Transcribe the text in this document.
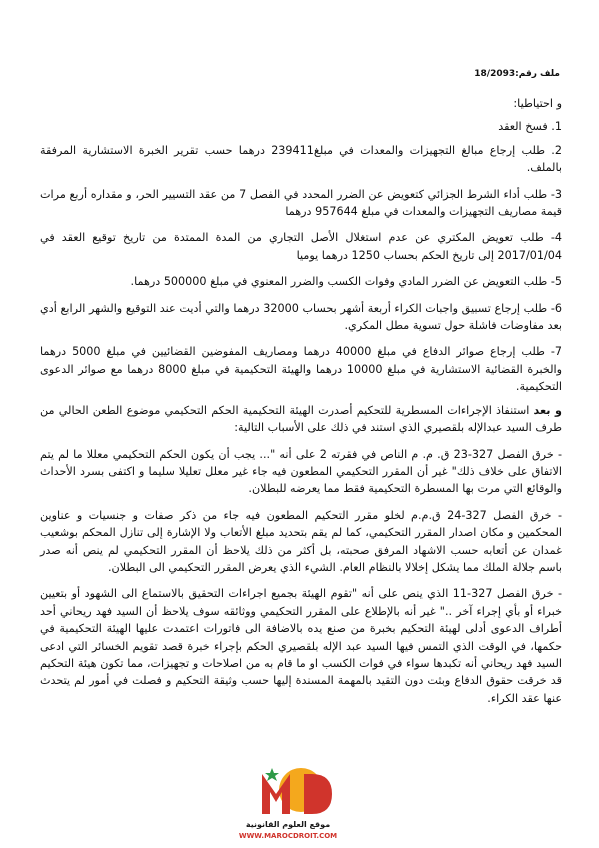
ملف رقم:18/2093

و احتياطيا:

1. فسخ العقد

2. طلب إرجاع مبالغ التجهيزات والمعدات في مبلغ239411 درهما حسب تقرير الخبرة الاستشارية المرفقة بالملف.

3- طلب أداء الشرط الجزائي كتعويض عن الضرر المحدد في الفصل 7 من عقد التسيير الحر، و مقداره أربع مرات قيمة مصاريف التجهيزات والمعدات في مبلغ 957644 درهما

4- طلب تعويض المكتري عن عدم استغلال الأصل التجاري من المدة الممتدة من تاريخ توقيع العقد في 2017/01/04 إلى تاريخ الحكم بحساب 1250 درهما يوميا

5- طلب التعويض عن الضرر المادي وفوات الكسب والضرر المعنوي في مبلغ 500000 درهما.

6- طلب إرجاع تسبيق واجبات الكراء أربعة أشهر بحساب 32000 درهما والتي أديت عند التوقيع والشهر الرابع أدي بعد مفاوضات فاشلة حول تسوية مطل المكري.

7- طلب إرجاع صوائر الدفاع في مبلغ 40000 درهما ومصاريف المفوضين القضائيين في مبلغ 5000 درهما والخبرة القضائية الاستشارية في مبلغ 10000 درهما والهيئة التحكيمية في مبلغ 8000 درهما مع صوائر الدعوى التحكيمية.

و بعد استنفاذ الإجراءات المسطرية للتحكيم أصدرت الهيئة التحكيمية الحكم التحكيمي موضوع الطعن الحالي من طرف السيد عبدالإله بلقصيري الذي استند في ذلك على الأسباب التالية:

- خرق الفصل 327-23 ق. م. م الناص في فقرته 2 على أنه "... يجب أن يكون الحكم التحكيمي معللا ما لم يتم الاتفاق على خلاف ذلك" غير أن المقرر التحكيمي المطعون فيه جاء غير معلل تعليلا سليما و اكتفى بسرد الأحداث والوقائع التي مرت بها المسطرة التحكيمية فقط مما يعرضه للبطلان.

- خرق الفصل 327-24 ق.م.م لخلو مقرر التحكيم المطعون فيه جاء من ذكر صفات و جنسيات و عناوين المحكمين و مكان اصدار المقرر التحكيمي، كما لم يقم بتحديد مبلغ الأتعاب ولا الإشارة إلى تنازل المحكم بوشعيب غمدان عن أتعابه حسب الاشهاد المرفق صحبته، بل أكثر من ذلك يلاحظ أن المقرر التحكيمي لم ينص أنه صدر باسم جلالة الملك مما يشكل إخلالا بالنظام العام. الشيء الذي يعرض المقرر التحكيمي الى البطلان.

- خرق الفصل 327-11 الذي ينص على أنه "تقوم الهيئة بجميع اجراءات التحقيق بالاستماع الى الشهود أو بتعيين خبراء أو بأي إجراء آخر .." غير أنه بالإطلاع على المقرر التحكيمي ووثائقه سوف يلاحظ أن السيد فهد ريحاني أحد أطراف الدعوى أدلى لهيئة التحكيم بخبرة من صنع يده بالاضافة الى فاتورات اعتمدت عليها الهيئة التحكيمية في حكمها، في الوقت الذي التمس فيها السيد عبد الإله بلقصيري الحكم بإجراء خبرة قصد تقويم الخسائر التي ادعى السيد فهد ريحاني أنه تكبدها سواء في فوات الكسب او ما قام به من اصلاحات و تجهيزات، مما تكون هيئة التحكيم قد خرقت حقوق الدفاع وبثت دون التقيد بالمهمة المسندة إليها حسب وثيقة التحكيم و فصلت في أمور لم يتحدث عنها عقد الكراء.

موقع العلوم القانونية
WWW.MAROCDROIT.COM
